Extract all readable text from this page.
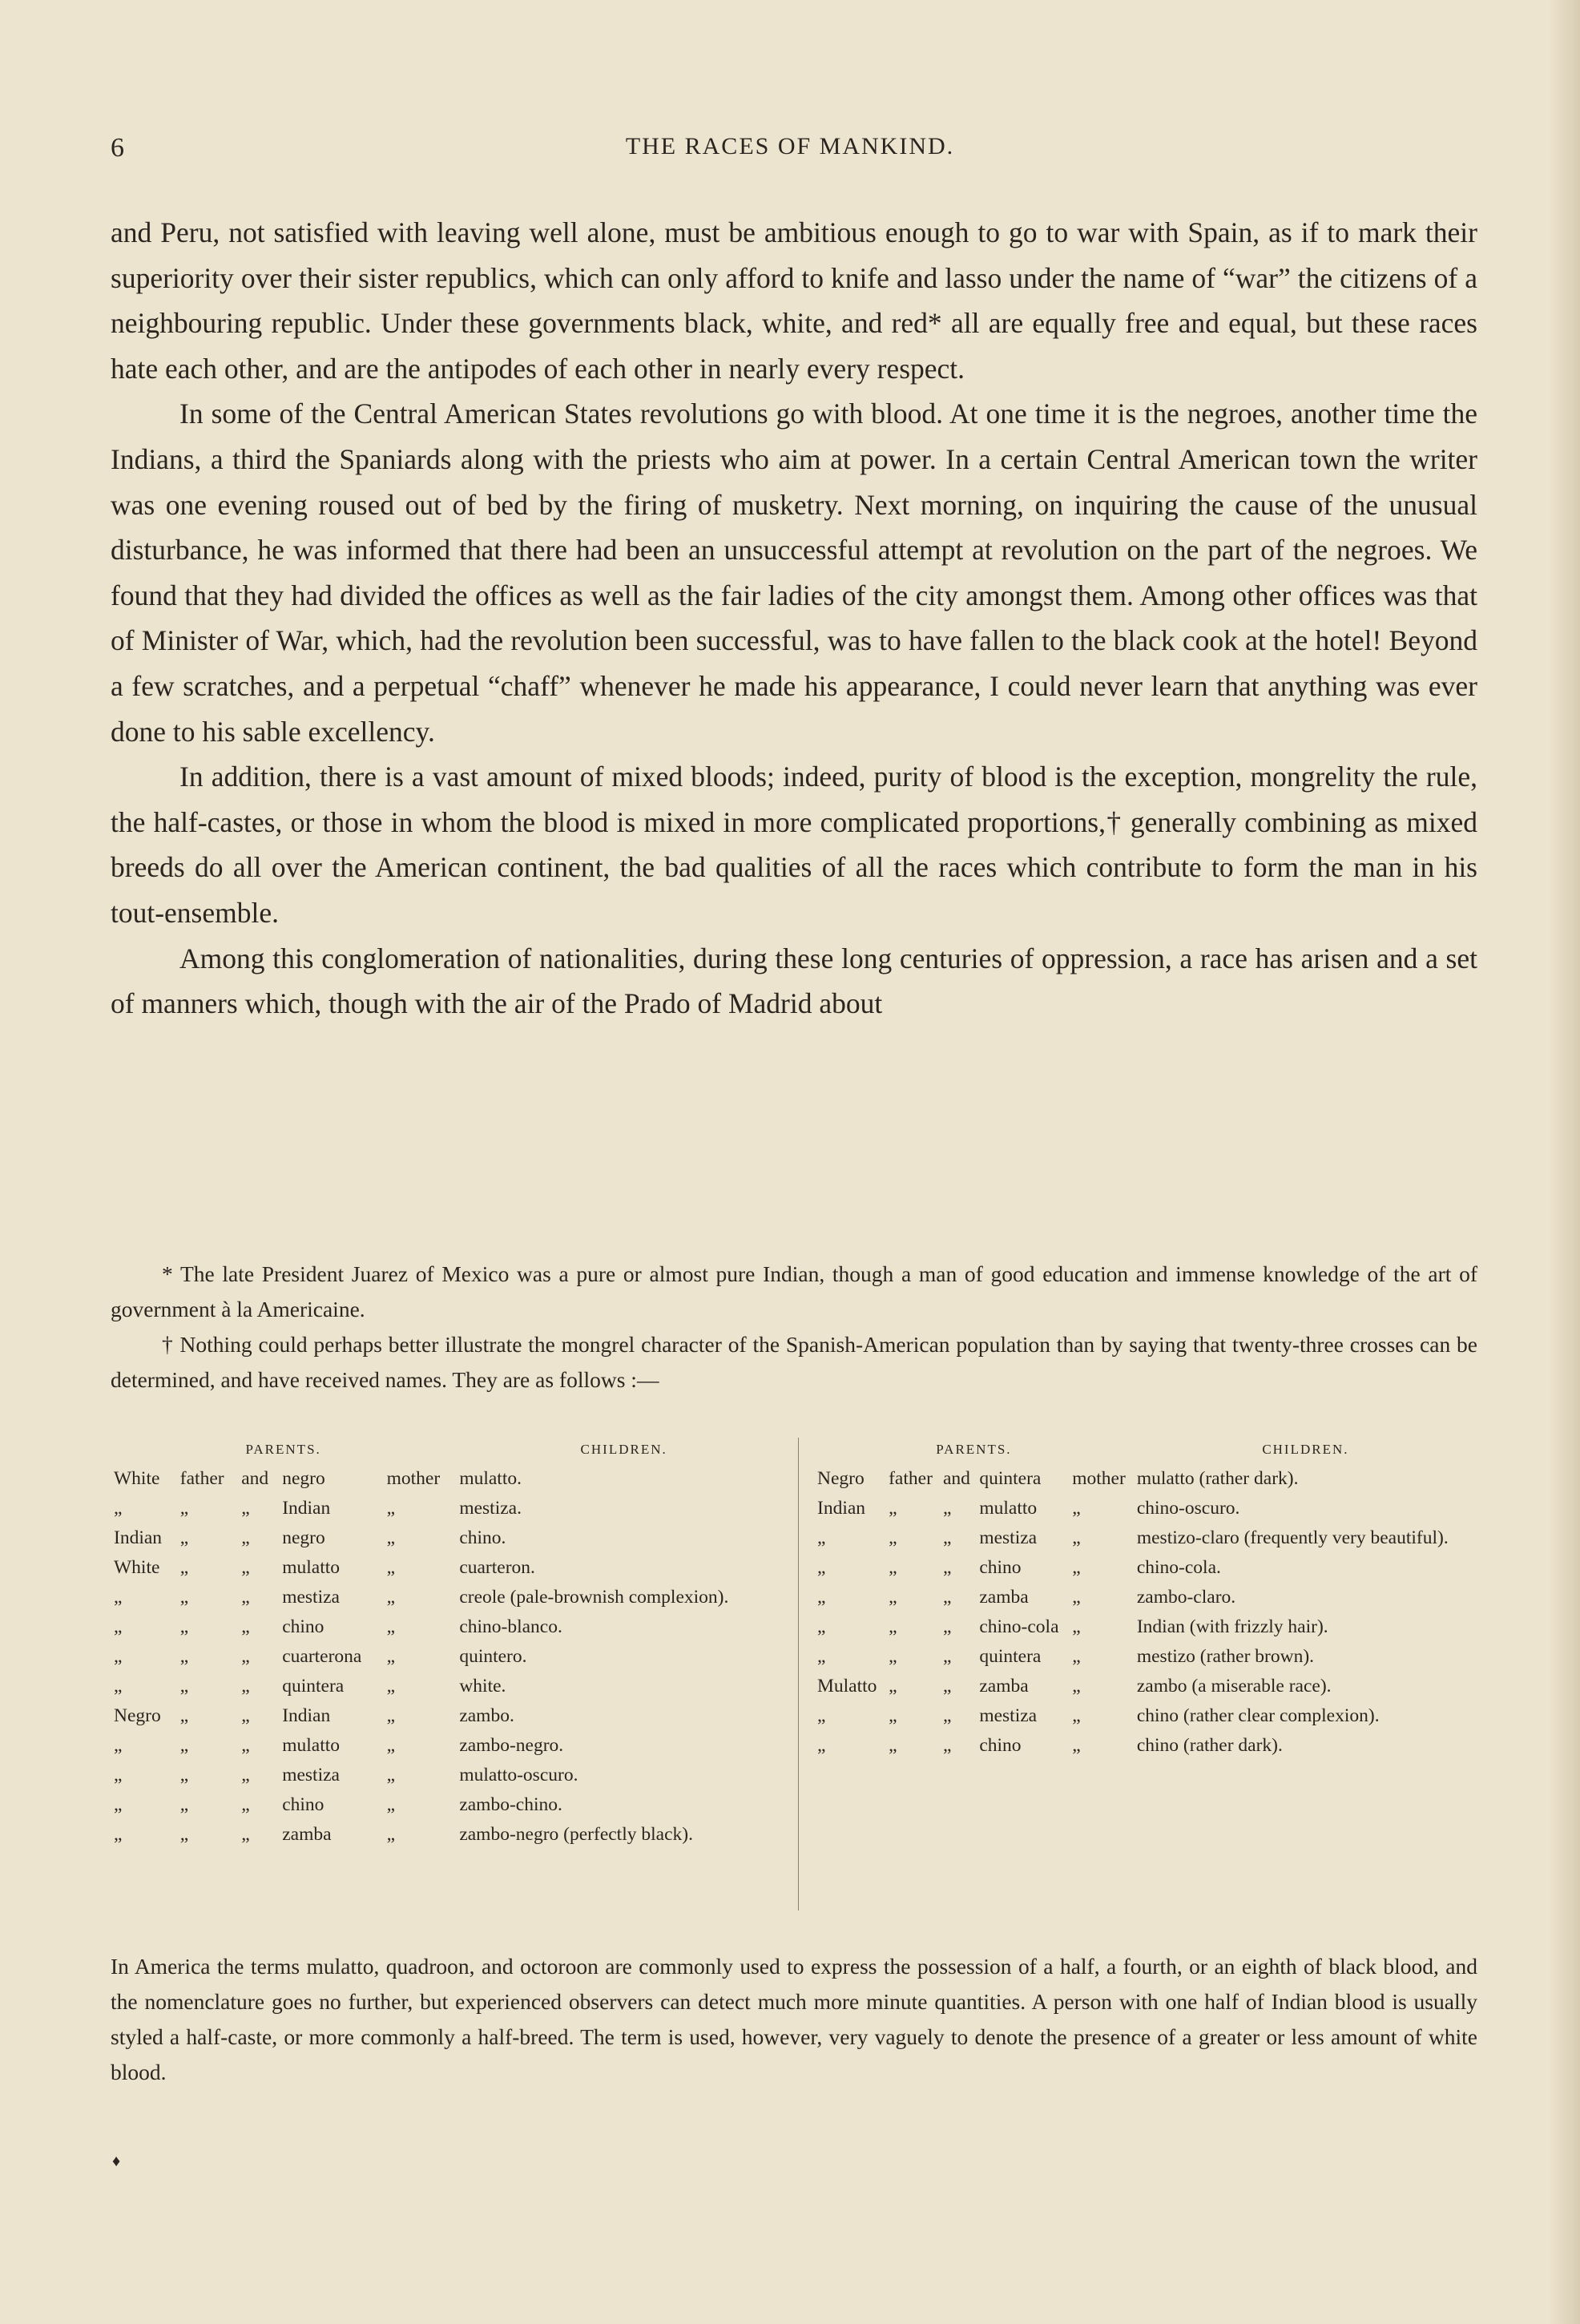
6	THE RACES OF MANKIND.

and Peru, not satisfied with leaving well alone, must be ambitious enough to go to war with Spain, as if to mark their superiority over their sister republics, which can only afford to knife and lasso under the name of “war” the citizens of a neighbouring republic. Under these governments black, white, and red* all are equally free and equal, but these races hate each other, and are the antipodes of each other in nearly every respect.

In some of the Central American States revolutions go with blood. At one time it is the negroes, another time the Indians, a third the Spaniards along with the priests who aim at power. In a certain Central American town the writer was one evening roused out of bed by the firing of musketry. Next morning, on inquiring the cause of the unusual disturbance, he was informed that there had been an unsuccessful attempt at revolution on the part of the negroes. We found that they had divided the offices as well as the fair ladies of the city amongst them. Among other offices was that of Minister of War, which, had the revolution been successful, was to have fallen to the black cook at the hotel! Beyond a few scratches, and a perpetual “chaff” whenever he made his appearance, I could never learn that anything was ever done to his sable excellency.

In addition, there is a vast amount of mixed bloods; indeed, purity of blood is the exception, mongrelity the rule, the half-castes, or those in whom the blood is mixed in more complicated proportions,† generally combining as mixed breeds do all over the American continent, the bad qualities of all the races which contribute to form the man in his tout-ensemble.

Among this conglomeration of nationalities, during these long centuries of oppression, a race has arisen and a set of manners which, though with the air of the Prado of Madrid about

* The late President Juarez of Mexico was a pure or almost pure Indian, though a man of good education and immense knowledge of the art of government à la Americaine.

† Nothing could perhaps better illustrate the mongrel character of the Spanish-American population than by saying that twenty-three crosses can be determined, and have received names. They are as follows :—

PARENTS.					CHILDREN.
White	father	and	negro	mother	mulatto.
„	„	„	Indian	„	mestiza.
Indian	„	„	negro	„	chino.
White	„	„	mulatto	„	cuarteron.
„	„	„	mestiza	„	creole (pale-brownish complexion).
„	„	„	chino	„	chino-blanco.
„	„	„	cuarterona	„	quintero.
„	„	„	quintera	„	white.
Negro	„	„	Indian	„	zambo.
„	„	„	mulatto	„	zambo-negro.
„	„	„	mestiza	„	mulatto-oscuro.
„	„	„	chino	„	zambo-chino.
„	„	„	zamba	„	zambo-negro (perfectly black).
PARENTS.					CHILDREN.
Negro	father	and	quintera	mother	mulatto (rather dark).
Indian	„	„	mulatto	„	chino-oscuro.
„	„	„	mestiza	„	mestizo-claro (frequently very beautiful).
„	„	„	chino	„	chino-cola.
„	„	„	zamba	„	zambo-claro.
„	„	„	chino-cola	„	Indian (with frizzly hair).
„	„	„	quintera	„	mestizo (rather brown).
Mulatto	„	„	zamba	„	zambo (a miserable race).
„	„	„	mestiza	„	chino (rather clear complexion).
„	„	„	chino	„	chino (rather dark).

In America the terms mulatto, quadroon, and octoroon are commonly used to express the possession of a half, a fourth, or an eighth of black blood, and the nomenclature goes no further, but experienced observers can detect much more minute quantities. A person with one half of Indian blood is usually styled a half-caste, or more commonly a half-breed. The term is used, however, very vaguely to denote the presence of a greater or less amount of white blood.

♦
